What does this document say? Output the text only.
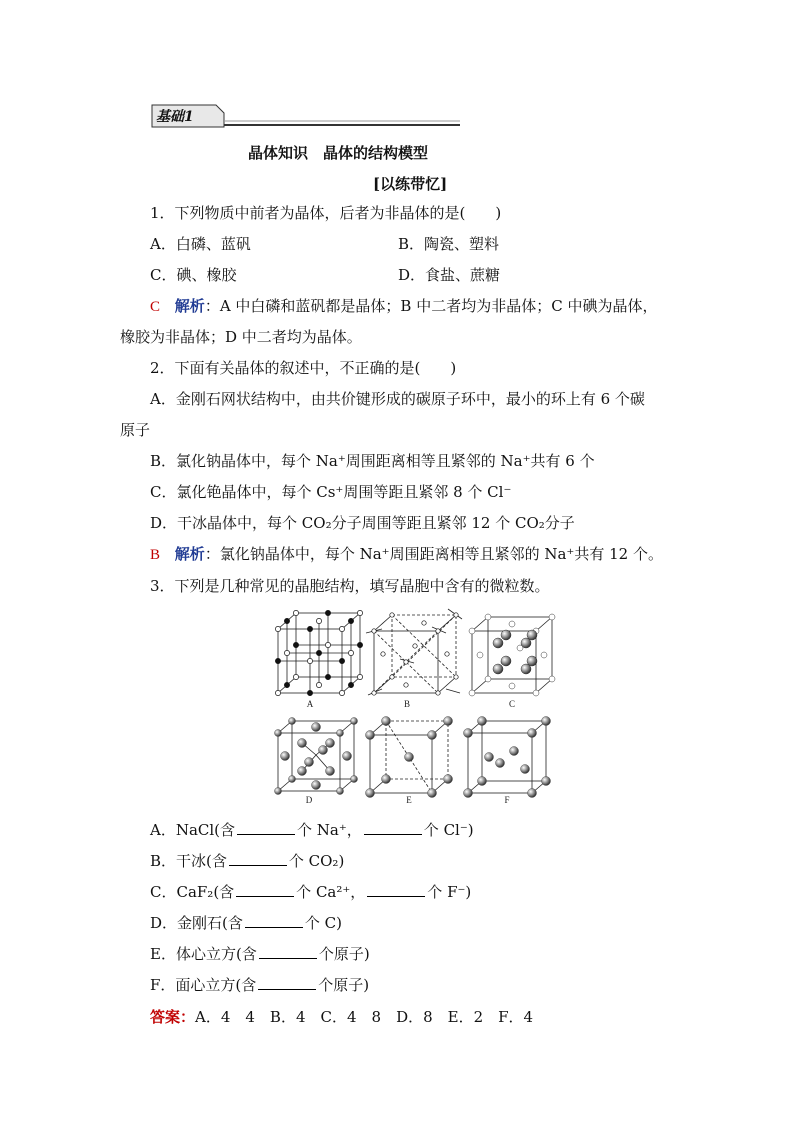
基础1
晶体知识　晶体的结构模型
[以练带忆]
1．下列物质中前者为晶体，后者为非晶体的是(　　)
A．白磷、蓝矾	B．陶瓷、塑料
C．碘、橡胶	D．食盐、蔗糖
C 解析：A 中白磷和蓝矾都是晶体；B 中二者均为非晶体；C 中碘为晶体，
橡胶为非晶体；D 中二者均为晶体。
2．下面有关晶体的叙述中，不正确的是(　　)
A．金刚石网状结构中，由共价键形成的碳原子环中，最小的环上有 6 个碳
原子
B．氯化钠晶体中，每个 Na⁺周围距离相等且紧邻的 Na⁺共有 6 个
C．氯化铯晶体中，每个 Cs⁺周围等距且紧邻 8 个 Cl⁻
D．干冰晶体中，每个 CO₂分子周围等距且紧邻 12 个 CO₂分子
B 解析：氯化钠晶体中，每个 Na⁺周围距离相等且紧邻的 Na⁺共有 12 个。
3．下列是几种常见的晶胞结构，填写晶胞中含有的微粒数。
A	B	C
D	E	F
A．NaCl(含	个 Na⁺，	个 Cl⁻)
B．干冰(含	个 CO₂)
C．CaF₂(含	个 Ca²⁺，	个 F⁻)
D．金刚石(含	个 C)
E．体心立方(含	个原子)
F．面心立方(含	个原子)
答案：A．4　4　B．4　C．4　8　D．8　E．2　F．4
